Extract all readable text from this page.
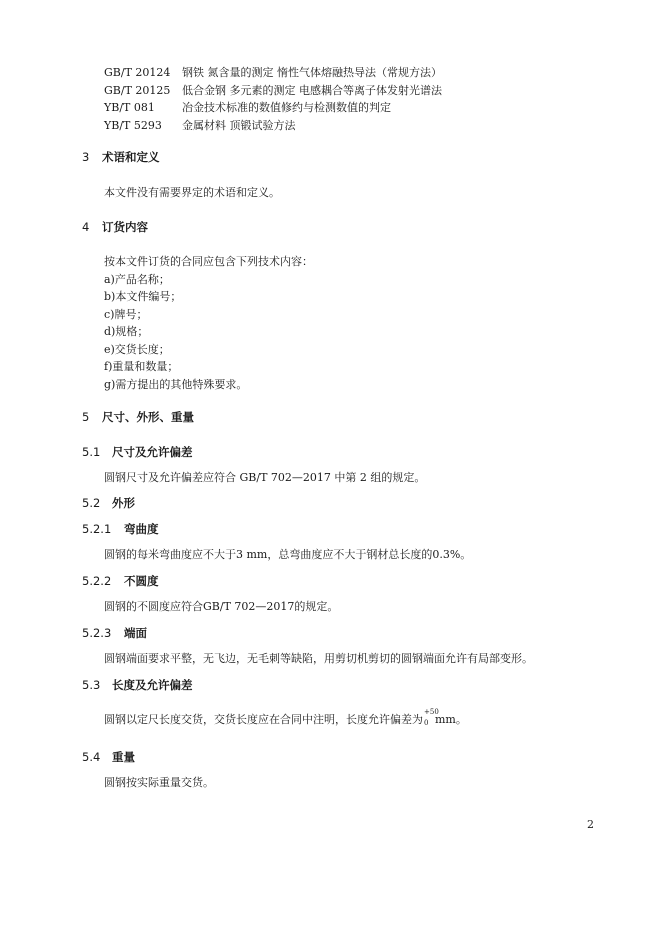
GB/T 20124	钢铁 氮含量的测定 惰性气体熔融热导法（常规方法）
GB/T 20125	低合金钢 多元素的测定 电感耦合等离子体发射光谱法
YB/T 081	冶金技术标准的数值修约与检测数值的判定
YB/T 5293	金属材料 顶锻试验方法
3 术语和定义
本文件没有需要界定的术语和定义。
4 订货内容
按本文件订货的合同应包含下列技术内容：
a)产品名称；
b)本文件编号；
c)牌号；
d)规格；
e)交货长度；
f)重量和数量；
g)需方提出的其他特殊要求。
5 尺寸、外形、重量
5.1 尺寸及允许偏差
圆钢尺寸及允许偏差应符合 GB/T 702—2017 中第 2 组的规定。
5.2 外形
5.2.1 弯曲度
圆钢的每米弯曲度应不大于3 mm，总弯曲度应不大于钢材总长度的0.3%。
5.2.2 不圆度
圆钢的不圆度应符合GB/T 702—2017的规定。
5.2.3 端面
圆钢端面要求平整，无飞边，无毛刺等缺陷，用剪切机剪切的圆钢端面允许有局部变形。
5.3 长度及允许偏差
圆钢以定尺长度交货，交货长度应在合同中注明，长度允许偏差为
+50
0 mm。
5.4 重量
圆钢按实际重量交货。
2
